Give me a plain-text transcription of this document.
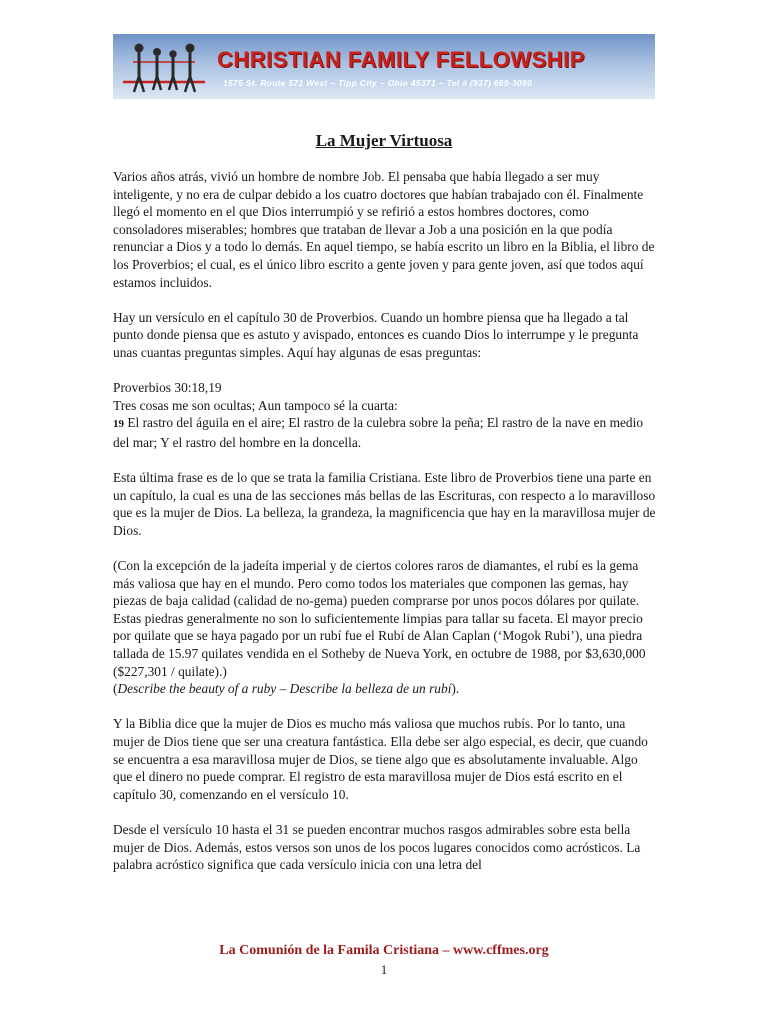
CHRISTIAN FAMILY FELLOWSHIP
1575 St. Route 571 West ~ Tipp City ~ Ohio 45371 ~ Tel # (937) 669-3090
La Mujer Virtuosa

Varios años atrás, vivió un hombre de nombre Job. El pensaba que había llegado a ser muy inteligente, y no era de culpar debido a los cuatro doctores que habían trabajado con él. Finalmente llegó el momento en el que Dios interrumpió y se refirió a estos hombres doctores, como consoladores miserables; hombres que trataban de llevar a Job a una posición en la que podía renunciar a Dios y a todo lo demás. En aquel tiempo, se había escrito un libro en la Biblia, el libro de los Proverbios; el cual, es el único libro escrito a gente joven y para gente joven, así que todos aquí estamos incluidos.

Hay un versículo en el capítulo 30 de Proverbios. Cuando un hombre piensa que ha llegado a tal punto donde piensa que es astuto y avispado, entonces es cuando Dios lo interrumpe y le pregunta unas cuantas preguntas simples. Aquí hay algunas de esas preguntas:

Proverbios 30:18,19
Tres cosas me son ocultas; Aun tampoco sé la cuarta:
19 El rastro del águila en el aire; El rastro de la culebra sobre la peña; El rastro de la nave en medio del mar; Y el rastro del hombre en la doncella.

Esta última frase es de lo que se trata la familia Cristiana. Este libro de Proverbios tiene una parte en un capítulo, la cual es una de las secciones más bellas de las Escrituras, con respecto a lo maravilloso que es la mujer de Dios. La belleza, la grandeza, la magnificencia que hay en la maravillosa mujer de Dios.

(Con la excepción de la jadeíta imperial y de ciertos colores raros de diamantes, el rubí es la gema más valiosa que hay en el mundo. Pero como todos los materiales que componen las gemas, hay piezas de baja calidad (calidad de no-gema) pueden comprarse por unos pocos dólares por quilate. Estas piedras generalmente no son lo suficientemente limpias para tallar su faceta. El mayor precio por quilate que se haya pagado por un rubí fue el Rubí de Alan Caplan (‘Mogok Rubi’), una piedra tallada de 15.97 quilates vendida en el Sotheby de Nueva York, en octubre de 1988, por $3,630,000 ($227,301 / quilate).)
(Describe the beauty of a ruby – Describe la belleza de un rubí).

Y la Biblia dice que la mujer de Dios es mucho más valiosa que muchos rubís. Por lo tanto, una mujer de Dios tiene que ser una creatura fantástica. Ella debe ser algo especial, es decir, que cuando se encuentra a esa maravillosa mujer de Dios, se tiene algo que es absolutamente invaluable. Algo que el dinero no puede comprar. El registro de esta maravillosa mujer de Dios está escrito en el capítulo 30, comenzando en el versículo 10.

Desde el versículo 10 hasta el 31 se pueden encontrar muchos rasgos admirables sobre esta bella mujer de Dios. Además, estos versos son unos de los pocos lugares conocidos como acrósticos. La palabra acróstico significa que cada versículo inicia con una letra del

La Comunión de la Famila Cristiana – www.cffmes.org
1
